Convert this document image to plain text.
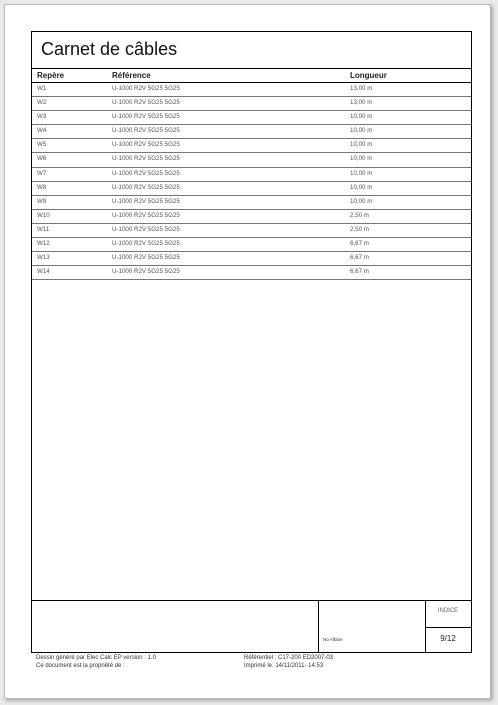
Carnet de câbles
Repère	Référence	Longueur
W1	U-1000 R2V 5G25 5G25	13,00 m
W2	U-1000 R2V 5G25 5G25	13,00 m
W3	U-1000 R2V 5G25 5G25	10,00 m
W4	U-1000 R2V 5G25 5G25	10,00 m
W5	U-1000 R2V 5G25 5G25	10,00 m
W6	U-1000 R2V 5G25 5G25	10,00 m
W7	U-1000 R2V 5G25 5G25	10,00 m
W8	U-1000 R2V 5G25 5G25	10,00 m
W9	U-1000 R2V 5G25 5G25	10,00 m
W10	U-1000 R2V 5G25 5G25	2,50 m
W11	U-1000 R2V 5G25 5G25	2,50 m
W12	U-1000 R2V 5G25 5G25	6,67 m
W13	U-1000 R2V 5G25 5G25	6,67 m
W14	U-1000 R2V 5G25 5G25	6,67 m
No Affaire
INDICE
9/12
Dessin généré par Elec Calc EP version : 1.0
Ce document est la propriété de :
Référentiel : C17-200 ED2007-03
Imprimé le: 14/11/2011- 14:53
